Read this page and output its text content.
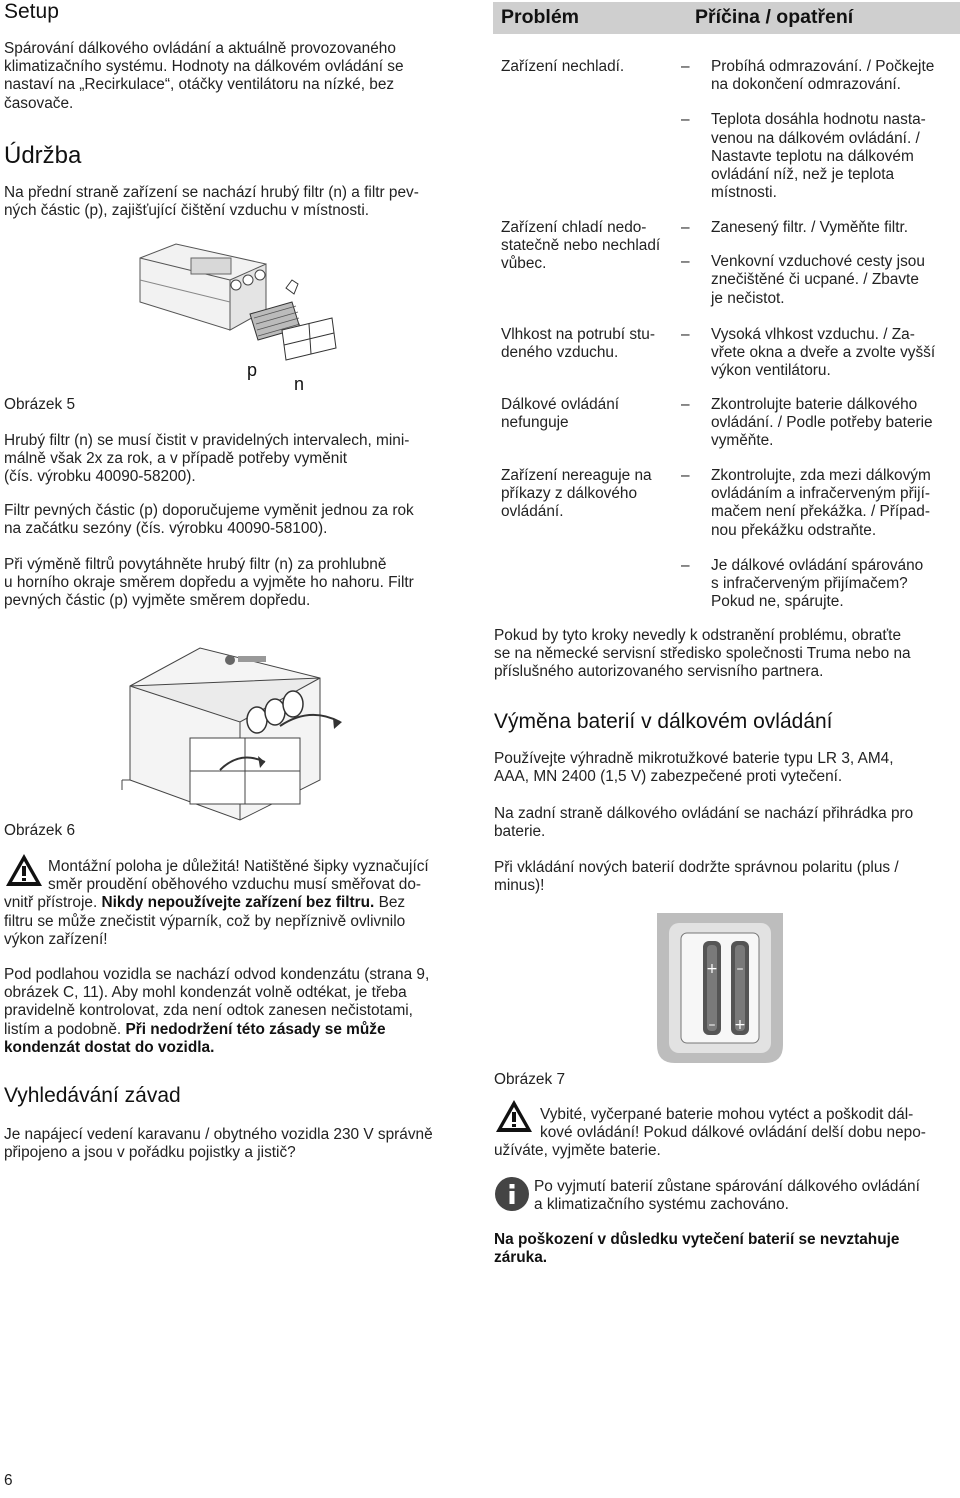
Setup
Spárování dálkového ovládání a aktuálně provozovaného
klimatizačního systému. Hodnoty na dálkovém ovládání se
nastaví na „Recirkulace“, otáčky ventilátoru na nízké, bez
časovače.
Údržba
Na přední straně zařízení se nachází hrubý filtr (n) a filtr pev-
ných částic (p), zajišťující čištění vzduchu v místnosti.
p
n
Obrázek 5
Hrubý filtr (n) se musí čistit v pravidelných intervalech, mini-
málně však 2x za rok, a v případě potřeby vyměnit
(čís. výrobku 40090-58200).
Filtr pevných částic (p) doporučujeme vyměnit jednou za rok
na začátku sezóny (čís. výrobku 40090-58100).
Při výměně filtrů povytáhněte hrubý filtr (n) za prohlubně
u horního okraje směrem dopředu a vyjměte ho nahoru. Filtr
pevných částic (p) vyjměte směrem dopředu.
Obrázek 6
Montážní poloha je důležitá! Natištěné šipky vyznačující
směr proudění oběhového vzduchu musí směřovat do-
vnitř přístroje. Nikdy nepoužívejte zařízení bez filtru. Bez
filtru se může znečistit výparník, což by nepříznivě ovlivnilo
výkon zařízení!
Pod podlahou vozidla se nachází odvod kondenzátu (strana 9,
obrázek C, 11). Aby mohl kondenzát volně odtékat, je třeba
pravidelně kontrolovat, zda není odtok zanesen nečistotami,
listím a podobně. Při nedodržení této zásady se může
kondenzát dostat do vozidla.
Vyhledávání závad
Je napájecí vedení karavanu / obytného vozidla 230 V správně
připojeno a jsou v pořádku pojistky a jistič?
6
Problém	Příčina / opatření
Zařízení nechladí.
–	Probíhá odmrazování. / Počkejte
na dokončení odmrazování.
– Teplota dosáhla hodnotu nasta-
venou na dálkovém ovládání. /
Nastavte teplotu na dálkovém
ovládání níž, než je teplota
místnosti.
Zařízení chladí nedo-
statečně nebo nechladí
vůbec.
– Zanesený filtr. / Vyměňte filtr.
– Venkovní vzduchové cesty jsou
znečištěné či ucpané. / Zbavte
je nečistot.
Vlhkost na potrubí stu-
deného vzduchu.
– Vysoká vlhkost vzduchu. / Za-
vřete okna a dveře a zvolte vyšší
výkon ventilátoru.
Dálkové ovládání
nefunguje
– Zkontrolujte baterie dálkového
ovládání. / Podle potřeby baterie
vyměňte.
Zařízení nereaguje na
příkazy z dálkového
ovládání.
– Zkontrolujte, zda mezi dálkovým
ovládáním a infračerveným přijí-
mačem není překážka. / Případ-
nou překážku odstraňte.
– Je dálkové ovládání spárováno
s infračerveným přijímačem?
Pokud ne, spárujte.
Pokud by tyto kroky nevedly k odstranění problému, obraťte
se na německé servisní středisko společnosti Truma nebo na
příslušného autorizovaného servisního partnera.
Výměna baterií v dálkovém ovládání
Používejte výhradně mikrotužkové baterie typu LR 3, AM4,
AAA, MN 2400 (1,5 V) zabezpečené proti vytečení.
Na zadní straně dálkového ovládání se nachází přihrádka pro
baterie.
Při vkládání nových baterií dodržte správnou polaritu (plus /
minus)!
+ –
– +
Obrázek 7
Vybité, vyčerpané baterie mohou vytéct a poškodit dál-
kové ovládání! Pokud dálkové ovládání delší dobu nepo-
užíváte, vyjměte baterie.
Po vyjmutí baterií zůstane spárování dálkového ovládání
a klimatizačního systému zachováno.
Na poškození v důsledku vytečení baterií se nevztahuje
záruka.
